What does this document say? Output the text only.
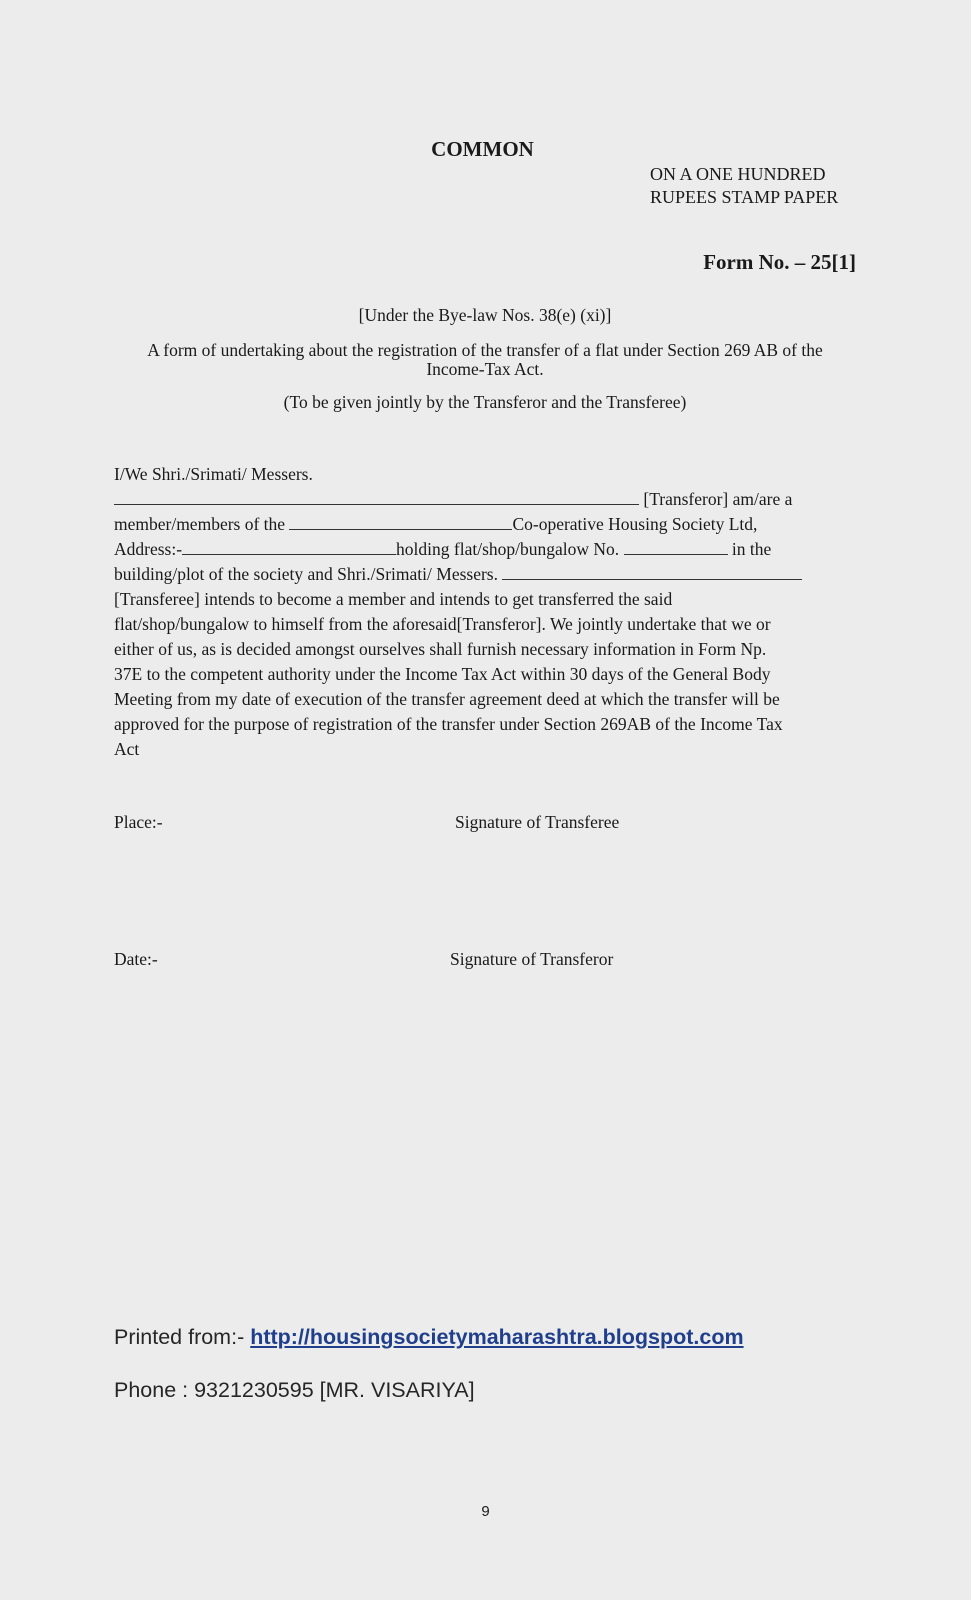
COMMON
ON A ONE HUNDRED
RUPEES STAMP PAPER
Form No. – 25[1]
[Under the Bye-law Nos. 38(e) (xi)]
A form of undertaking about the registration of the transfer of a flat under Section 269 AB of the
Income-Tax Act.
(To be given jointly by the Transferor and the Transferee)
I/We Shri./Srimati/ Messers.
[Transferor] am/are a
member/members of the	Co-operative Housing Society Ltd,
Address:-	holding flat/shop/bungalow No.	in the
building/plot of the society and Shri./Srimati/ Messers.
[Transferee] intends to become a member and intends to get transferred the said
flat/shop/bungalow to himself from the aforesaid[Transferor]. We jointly undertake that we or
either of us, as is decided amongst ourselves shall furnish necessary information in Form Np.
37E to the competent authority under the Income Tax Act within 30 days of the General Body
Meeting from my date of execution of the transfer agreement deed at which the transfer will be
approved for the purpose of registration of the transfer under Section 269AB of the Income Tax
Act
Place:-	Signature of Transferee
Date:-	Signature of Transferor
Printed from:- http://housingsocietymaharashtra.blogspot.com
Phone : 9321230595 [MR. VISARIYA]
9
